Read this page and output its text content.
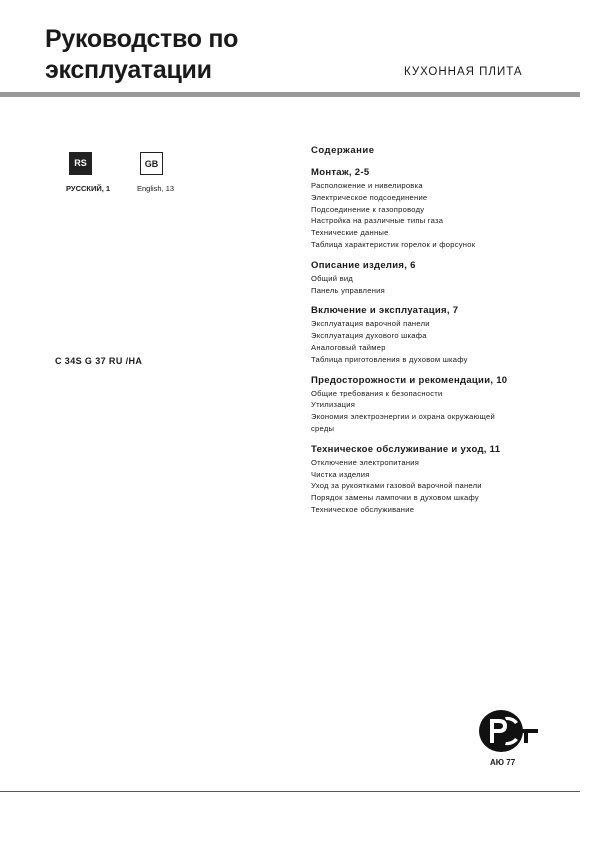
Руководство по
эксплуатации	КУХОННАЯ ПЛИТА
RS	GB
РУССКИЙ, 1	English, 13
C 34S G 37 RU /HA
Содержание
Монтаж, 2-5
Расположение и нивелировка
Электрическое подсоединение
Подсоединение к газопроводу
Настройка на различные типы газа
Технические данные
Таблица характеристик горелок и форсунок
Описание изделия, 6
Общий вид
Панель управления
Включение и эксплуатация, 7
Эксплуатация варочной панели
Эксплуатация духового шкафа
Аналоговый таймер
Таблица приготовления в духовом шкафу
Предосторожности и рекомендации, 10
Общие требования к безопасности
Утилизация
Экономия электроэнергии и охрана окружающей
среды
Техническое обслуживание и уход, 11
Отключение электропитания
Чистка изделия
Уход за рукоятками газовой варочной панели
Порядок замены лампочки в духовом шкафу
Техническое обслуживание
АЮ 77
